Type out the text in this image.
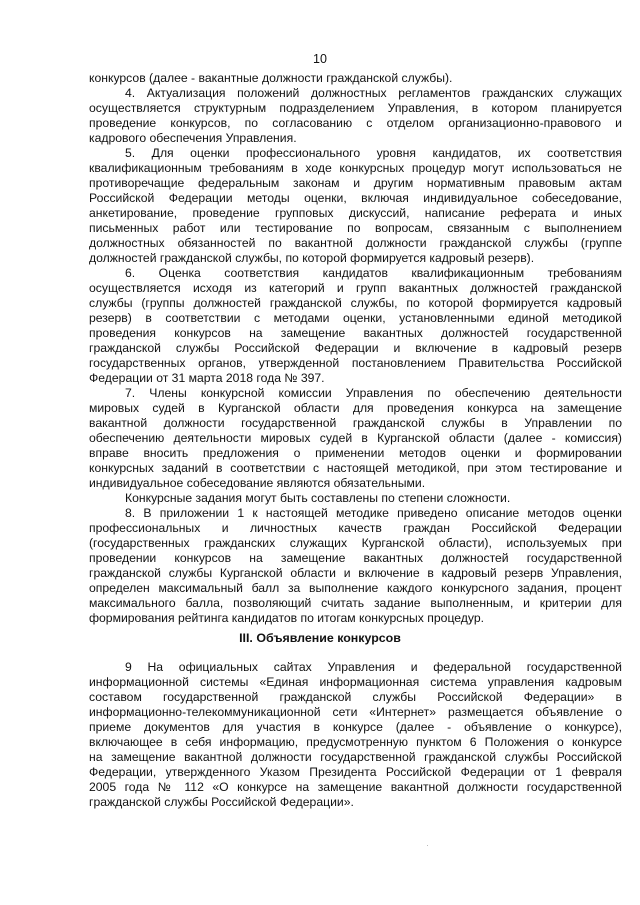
10
конкурсов (далее - вакантные должности гражданской службы).
4. Актуализация положений должностных регламентов гражданских служащих
осуществляется структурным подразделением Управления, в котором планируется
проведение конкурсов, по согласованию с отделом организационно-правового и
кадрового обеспечения Управления.
5. Для оценки профессионального уровня кандидатов, их соответствия
квалификационным требованиям в ходе конкурсных процедур могут использоваться не
противоречащие федеральным законам и другим нормативным правовым актам
Российской Федерации методы оценки, включая индивидуальное собеседование,
анкетирование, проведение групповых дискуссий, написание реферата и иных
письменных работ или тестирование по вопросам, связанным с выполнением
должностных обязанностей по вакантной должности гражданской службы (группе
должностей гражданской службы, по которой формируется кадровый резерв).
6. Оценка соответствия кандидатов квалификационным требованиям
осуществляется исходя из категорий и групп вакантных должностей гражданской
службы (группы должностей гражданской службы, по которой формируется кадровый
резерв) в соответствии с методами оценки, установленными единой методикой
проведения конкурсов на замещение вакантных должностей государственной
гражданской службы Российской Федерации и включение в кадровый резерв
государственных органов, утвержденной постановлением Правительства Российской
Федерации от 31 марта 2018 года № 397.
7. Члены конкурсной комиссии Управления по обеспечению деятельности
мировых судей в Курганской области для проведения конкурса на замещение
вакантной должности государственной гражданской службы в Управлении по
обеспечению деятельности мировых судей в Курганской области (далее - комиссия)
вправе вносить предложения о применении методов оценки и формировании
конкурсных заданий в соответствии с настоящей методикой, при этом тестирование и
индивидуальное собеседование являются обязательными.
Конкурсные задания могут быть составлены по степени сложности.
8. В приложении 1 к настоящей методике приведено описание методов оценки
профессиональных и личностных качеств граждан Российской Федерации
(государственных гражданских служащих Курганской области), используемых при
проведении конкурсов на замещение вакантных должностей государственной
гражданской службы Курганской области и включение в кадровый резерв Управления,
определен максимальный балл за выполнение каждого конкурсного задания, процент
максимального балла, позволяющий считать задание выполненным, и критерии для
формирования рейтинга кандидатов по итогам конкурсных процедур.
9 На официальных сайтах Управления и федеральной государственной
информационной системы «Единая информационная система управления кадровым
составом государственной гражданской службы Российской Федерации» в
информационно-телекоммуникационной сети «Интернет» размещается объявление о
приеме документов для участия в конкурсе (далее - объявление о конкурсе),
включающее в себя информацию, предусмотренную пунктом 6 Положения о конкурсе
на замещение вакантной должности государственной гражданской службы Российской
Федерации, утвержденного Указом Президента Российской Федерации от 1 февраля
2005 года № 112 «О конкурсе на замещение вакантной должности государственной
гражданской службы Российской Федерации».
III. Объявление конкурсов
